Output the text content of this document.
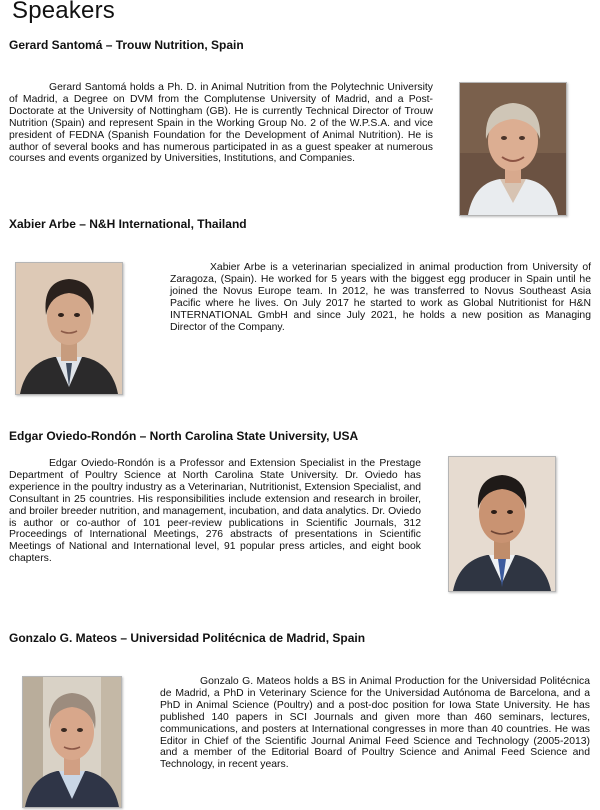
Speakers
Gerard Santomá – Trouw Nutrition, Spain

Gerard Santomá holds a Ph. D. in Animal Nutrition from the Polytechnic University of Madrid, a Degree on DVM from the Complutense University of Madrid, and a Post-Doctorate at the University of Nottingham (GB). He is currently Technical Director of Trouw Nutrition (Spain) and represent Spain in the Working Group No. 2 of the W.P.S.A. and vice president of FEDNA (Spanish Foundation for the Development of Animal Nutrition). He is author of several books and has numerous participated in as a guest speaker at numerous courses and events organized by Universities, Institutions, and Companies.

Xabier Arbe – N&H International, Thailand

Xabier Arbe is a veterinarian specialized in animal production from University of Zaragoza, (Spain). He worked for 5 years with the biggest egg producer in Spain until he joined the Novus Europe team. In 2012, he was transferred to Novus Southeast Asia Pacific where he lives. On July 2017 he started to work as Global Nutritionist for H&N INTERNATIONAL GmbH and since July 2021, he holds a new position as Managing Director of the Company.

Edgar Oviedo-Rondón – North Carolina State University, USA

Edgar Oviedo-Rondón is a Professor and Extension Specialist in the Prestage Department of Poultry Science at North Carolina State University. Dr. Oviedo has experience in the poultry industry as a Veterinarian, Nutritionist, Extension Specialist, and Consultant in 25 countries. His responsibilities include extension and research in broiler, and broiler breeder nutrition, and management, incubation, and data analytics. Dr. Oviedo is author or co-author of 101 peer-review publications in Scientific Journals, 312 Proceedings of International Meetings, 276 abstracts of presentations in Scientific Meetings of National and International level, 91 popular press articles, and eight book chapters.

Gonzalo G. Mateos – Universidad Politécnica de Madrid, Spain

Gonzalo G. Mateos holds a BS in Animal Production for the Universidad Politécnica de Madrid, a PhD in Veterinary Science for the Universidad Autónoma de Barcelona, and a PhD in Animal Science (Poultry) and a post-doc position for Iowa State University. He has published 140 papers in SCI Journals and given more than 460 seminars, lectures, communications, and posters at International congresses in more than 40 countries. He was Editor in Chief of the Scientific Journal Animal Feed Science and Technology (2005-2013) and a member of the Editorial Board of Poultry Science and Animal Feed Science and Technology, in recent years.
